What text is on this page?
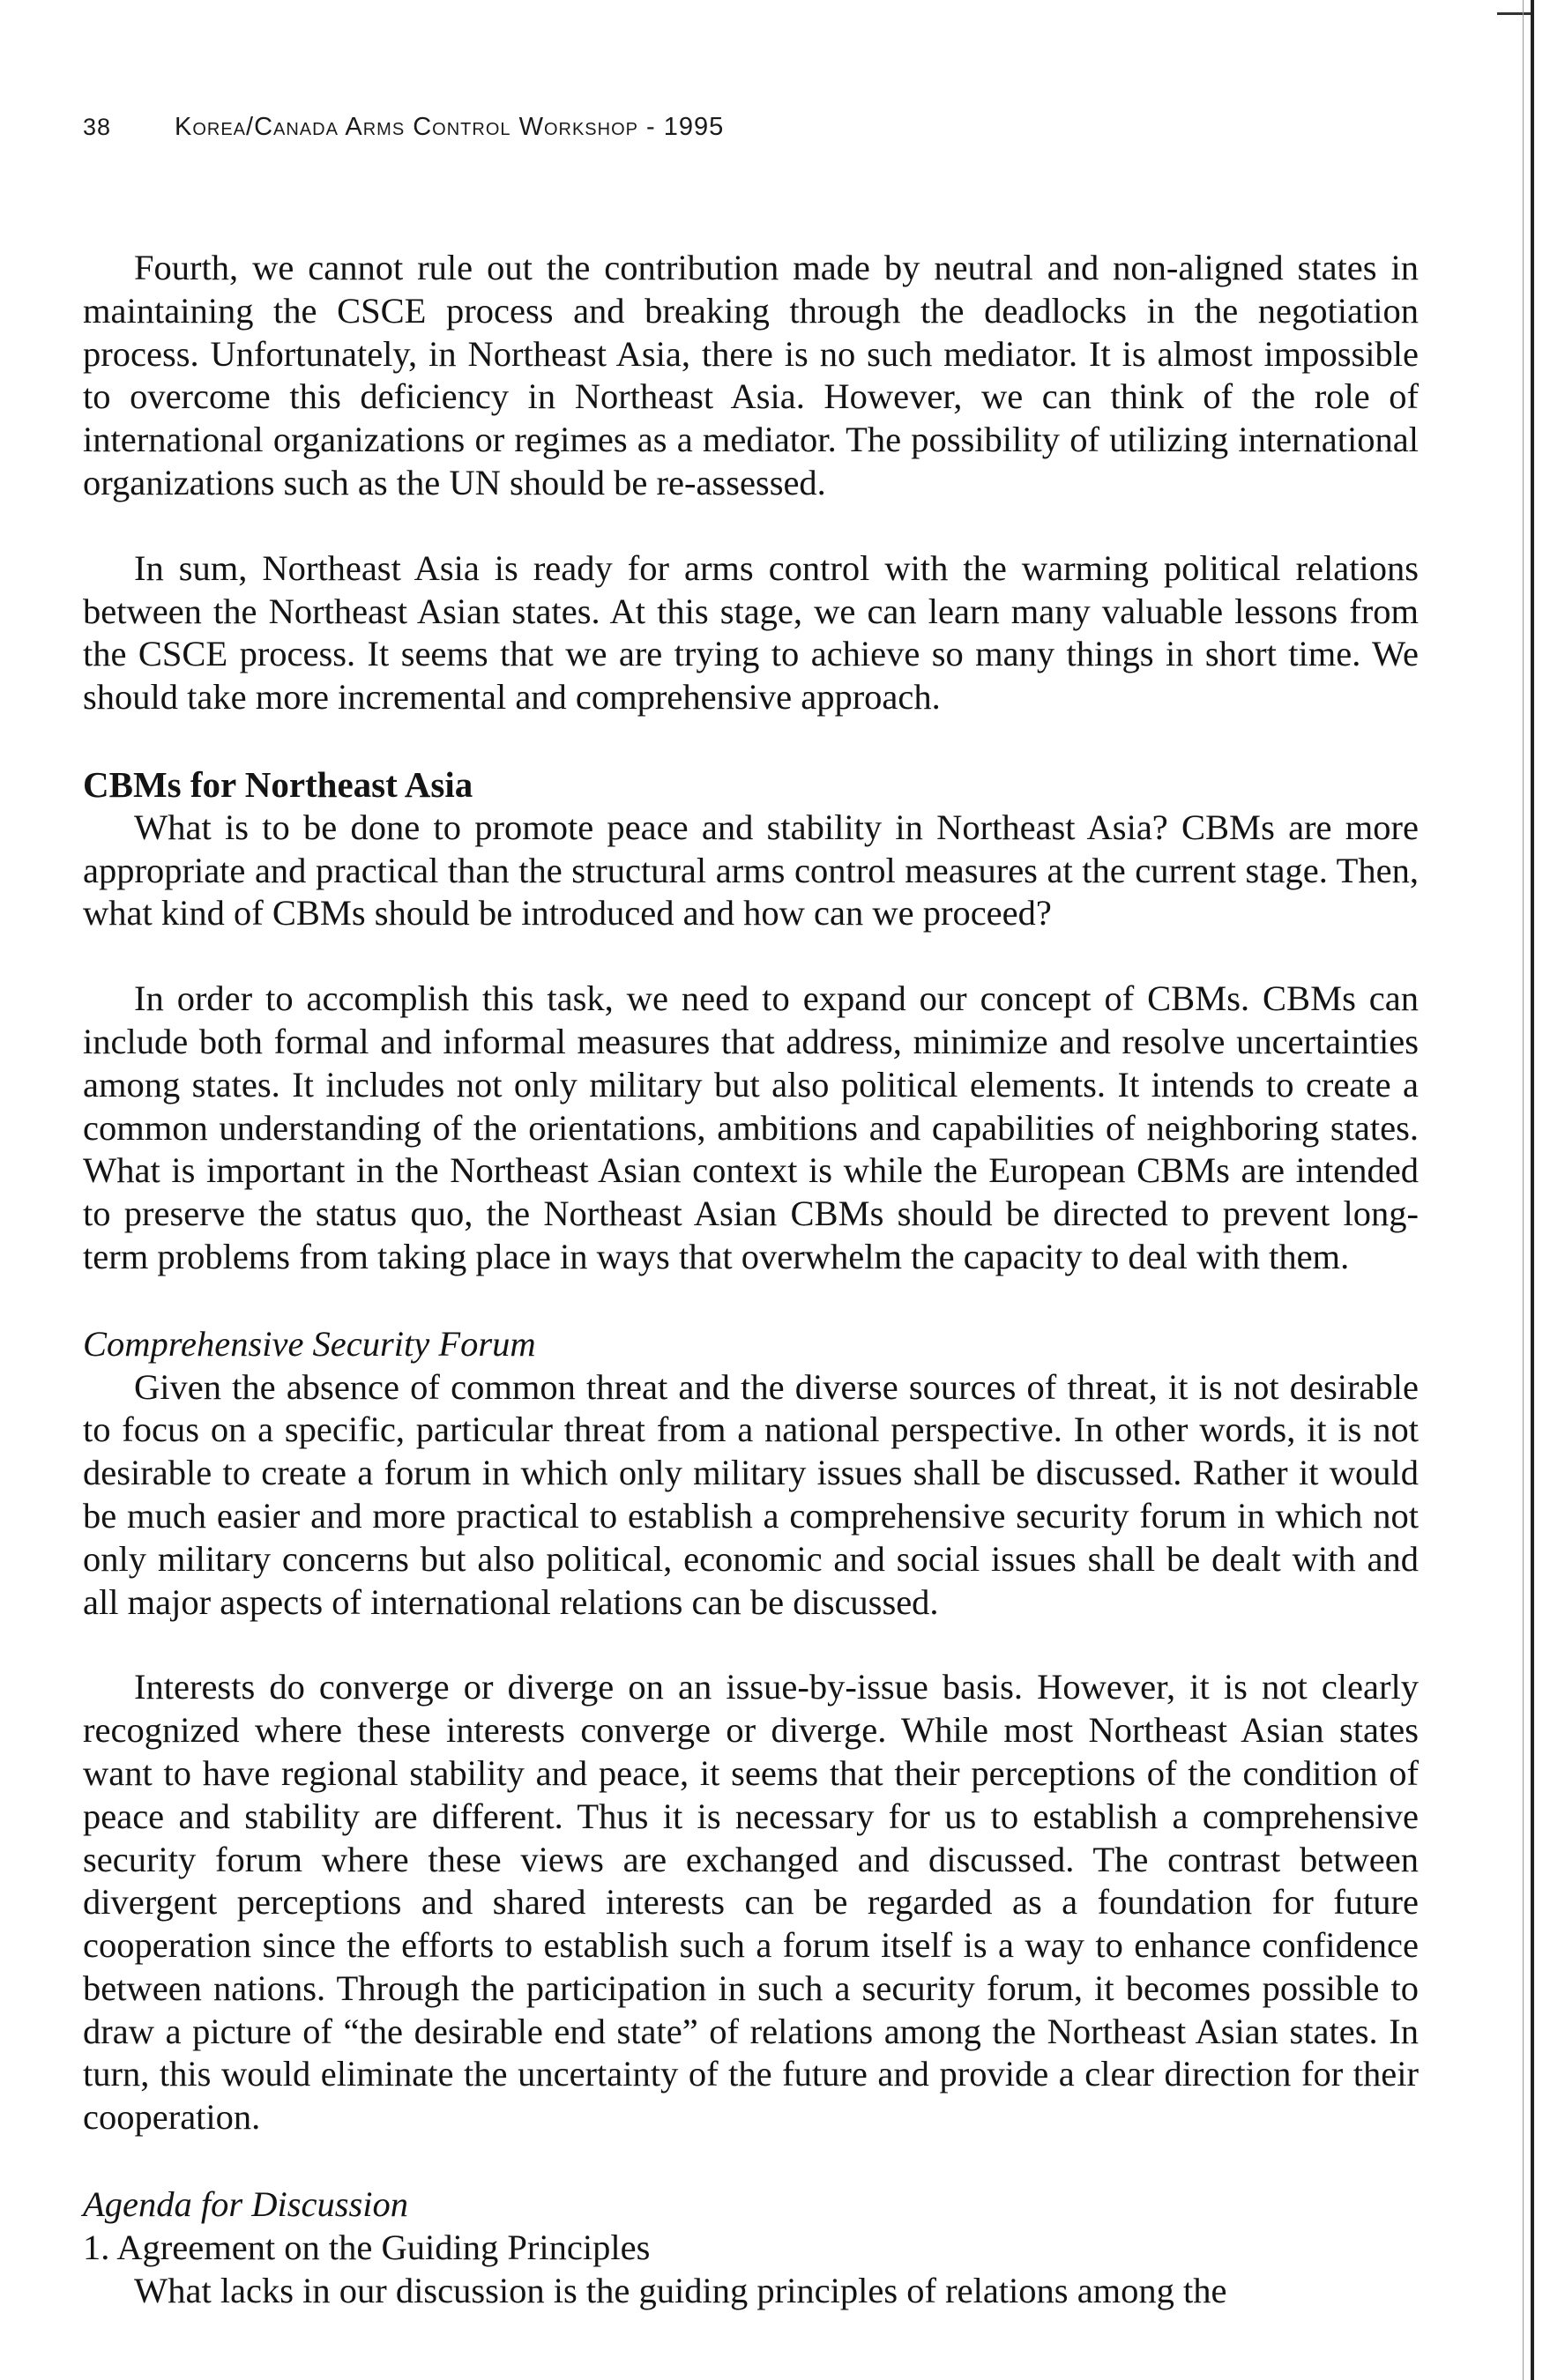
38 Korea/Canada Arms Control Workshop - 1995

Fourth, we cannot rule out the contribution made by neutral and non-aligned states in maintaining the CSCE process and breaking through the deadlocks in the negotiation process. Unfortunately, in Northeast Asia, there is no such mediator. It is almost impossible to overcome this deficiency in Northeast Asia. However, we can think of the role of international organizations or regimes as a mediator. The possibility of utilizing international organizations such as the UN should be re-assessed.

In sum, Northeast Asia is ready for arms control with the warming political relations between the Northeast Asian states. At this stage, we can learn many valuable lessons from the CSCE process. It seems that we are trying to achieve so many things in short time. We should take more incremental and comprehensive approach.

CBMs for Northeast Asia

What is to be done to promote peace and stability in Northeast Asia? CBMs are more appropriate and practical than the structural arms control measures at the current stage. Then, what kind of CBMs should be introduced and how can we proceed?

In order to accomplish this task, we need to expand our concept of CBMs. CBMs can include both formal and informal measures that address, minimize and resolve uncertainties among states. It includes not only military but also political elements. It intends to create a common understanding of the orientations, ambitions and capabilities of neighboring states. What is important in the Northeast Asian context is while the European CBMs are intended to preserve the status quo, the Northeast Asian CBMs should be directed to prevent long-term problems from taking place in ways that overwhelm the capacity to deal with them.

Comprehensive Security Forum

Given the absence of common threat and the diverse sources of threat, it is not desirable to focus on a specific, particular threat from a national perspective. In other words, it is not desirable to create a forum in which only military issues shall be discussed. Rather it would be much easier and more practical to establish a comprehensive security forum in which not only military concerns but also political, economic and social issues shall be dealt with and all major aspects of international relations can be discussed.

Interests do converge or diverge on an issue-by-issue basis. However, it is not clearly recognized where these interests converge or diverge. While most Northeast Asian states want to have regional stability and peace, it seems that their perceptions of the condition of peace and stability are different. Thus it is necessary for us to establish a comprehensive security forum where these views are exchanged and discussed. The contrast between divergent perceptions and shared interests can be regarded as a foundation for future cooperation since the efforts to establish such a forum itself is a way to enhance confidence between nations. Through the participation in such a security forum, it becomes possible to draw a picture of “the desirable end state” of relations among the Northeast Asian states. In turn, this would eliminate the uncertainty of the future and provide a clear direction for their cooperation.

Agenda for Discussion
1. Agreement on the Guiding Principles

What lacks in our discussion is the guiding principles of relations among the
